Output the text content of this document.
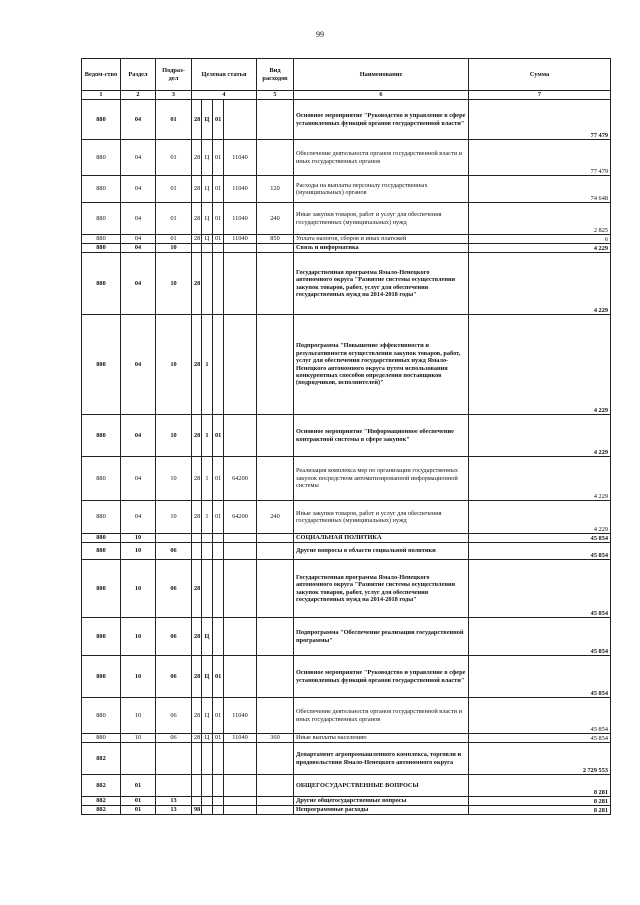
99
Ведом-ство	Раздел	Подраз-дел	Целевая статья				Вид расходов	Наименование	Сумма
1	2	3	4				5	6	7
880	04	01	28	Ц	01			Основное мероприятие "Руководство и управление в сфере установленных функций органов государственной власти"	77 479
880	04	01	28	Ц	01	11040		Обеспечение деятельности органов государственной власти и иных государственных органов	77 479
880	04	01	28	Ц	01	11040	120	Расходы на выплаты персоналу государственных (муниципальных) органов	74 648
880	04	01	28	Ц	01	11040	240	Иные закупки товаров, работ и услуг для обеспечения государственных (муниципальных) нужд	2 825
880	04	01	28	Ц	01	11040	850	Уплата налогов, сборов и иных платежей	6
880	04	10						Связь и информатика	4 229
880	04	10	28					Государственная программа Ямало-Ненецкого автономного округа "Развитие системы осуществления закупок товаров, работ, услуг для обеспечения государственных нужд на 2014-2018 годы"	4 229
880	04	10	28	1				Подпрограмма "Повышение эффективности и результативности осуществления закупок товаров, работ, услуг для обеспечения государственных нужд Ямало-Ненецкого автономного округа путем использования конкурентных способов определения поставщиков (подрядчиков, исполнителей)"	4 229
880	04	10	28	1	01			Основное мероприятие "Информационное обеспечение контрактной системы в сфере закупок"	4 229
880	04	10	28	1	01	64200		Реализация комплекса мер по организации государственных закупок посредством автоматизированной информационной системы	4 229
880	04	10	28	1	01	64200	240	Иные закупки товаров, работ и услуг для обеспечения государственных (муниципальных) нужд	4 229
880	10							СОЦИАЛЬНАЯ ПОЛИТИКА	45 854
880	10	06						Другие вопросы в области социальной политики	45 854
880	10	06	28					Государственная программа Ямало-Ненецкого автономного округа "Развитие системы осуществления закупок товаров, работ, услуг для обеспечения государственных нужд на 2014-2018 годы"	45 854
880	10	06	28	Ц				Подпрограмма "Обеспечение реализации государственной программы"	45 854
880	10	06	28	Ц	01			Основное мероприятие "Руководство и управление в сфере установленных функций органов государственной власти"	45 854
880	10	06	28	Ц	01	11040		Обеспечение деятельности органов государственной власти и иных государственных органов	45 854
880	10	06	28	Ц	01	11040	360	Иные выплаты населению	45 854
882								Департамент агропромышленного комплекса, торговли и продовольствия Ямало-Ненецкого автономного округа	2 729 553
882	01							ОБЩЕГОСУДАРСТВЕННЫЕ ВОПРОСЫ	8 281
882	01	13						Другие общегосударственные вопросы	8 281
882	01	13	98					Непрограммные расходы	8 281
